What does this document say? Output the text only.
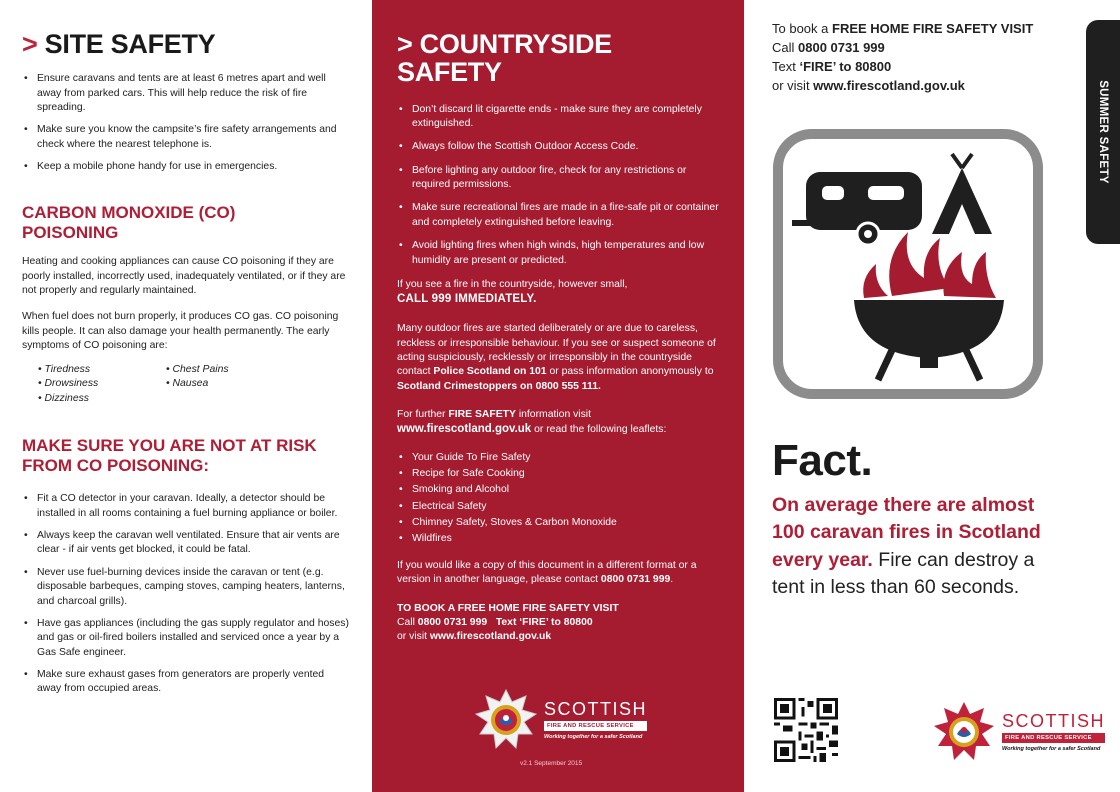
> SITE SAFETY
• Ensure caravans and tents are at least 6 metres apart and well away from parked cars. This will help reduce the risk of fire spreading.
• Make sure you know the campsite’s fire safety arrangements and check where the nearest telephone is.
• Keep a mobile phone handy for use in emergencies.
CARBON MONOXIDE (CO) POISONING

Heating and cooking appliances can cause CO poisoning if they are poorly installed, incorrectly used, inadequately ventilated, or if they are not properly and regularly maintained.

When fuel does not burn properly, it produces CO gas. CO poisoning kills people. It can also damage your health permanently. The early symptoms of CO poisoning are:

• Tiredness
• Drowsiness
• Dizziness
• Chest Pains
• Nausea
MAKE SURE YOU ARE NOT AT RISK FROM CO POISONING:
• Fit a CO detector in your caravan. Ideally, a detector should be installed in all rooms containing a fuel burning appliance or boiler.
• Always keep the caravan well ventilated. Ensure that air vents are clear - if air vents get blocked, it could be fatal.
• Never use fuel-burning devices inside the caravan or tent (e.g. disposable barbeques, camping stoves, camping heaters, lanterns, and charcoal grills).
• Have gas appliances (including the gas supply regulator and hoses) and gas or oil-fired boilers installed and serviced once a year by a Gas Safe engineer.
• Make sure exhaust gases from generators are properly vented away from occupied areas.
> COUNTRYSIDE
SAFETY
• Don’t discard lit cigarette ends - make sure they are completely extinguished.
• Always follow the Scottish Outdoor Access Code.
• Before lighting any outdoor fire, check for any restrictions or required permissions.
• Make sure recreational fires are made in a fire-safe pit or container and completely extinguished before leaving.
• Avoid lighting fires when high winds, high temperatures and low humidity are present or predicted.

If you see a fire in the countryside, however small,
CALL 999 IMMEDIATELY.

Many outdoor fires are started deliberately or are due to careless, reckless or irresponsible behaviour. If you see or suspect someone of acting suspiciously, recklessly or irresponsibly in the countryside contact Police Scotland on 101 or pass information anonymously to Scotland Crimestoppers on 0800 555 111.

For further FIRE SAFETY information visit
www.firescotland.gov.uk or read the following leaflets:

• Your Guide To Fire Safety
• Recipe for Safe Cooking
• Smoking and Alcohol
• Electrical Safety
• Chimney Safety, Stoves & Carbon Monoxide
• Wildfires

If you would like a copy of this document in a different format or a version in another language, please contact 0800 0731 999.

TO BOOK A FREE HOME FIRE SAFETY VISIT
Call 0800 0731 999 Text ‘FIRE’ to 80800
or visit www.firescotland.gov.uk

SCOTTISH
FIRE AND RESCUE SERVICE
Working together for a safer Scotland
v2.1 September 2015
To book a FREE HOME FIRE SAFETY VISIT
Call 0800 0731 999
Text ‘FIRE’ to 80800
or visit www.firescotland.gov.uk
Fact.
On average there are almost 100 caravan fires in Scotland every year. Fire can destroy a tent in less than 60 seconds.
SCOTTISH
FIRE AND RESCUE SERVICE
Working together for a safer Scotland
SUMMER SAFETY
